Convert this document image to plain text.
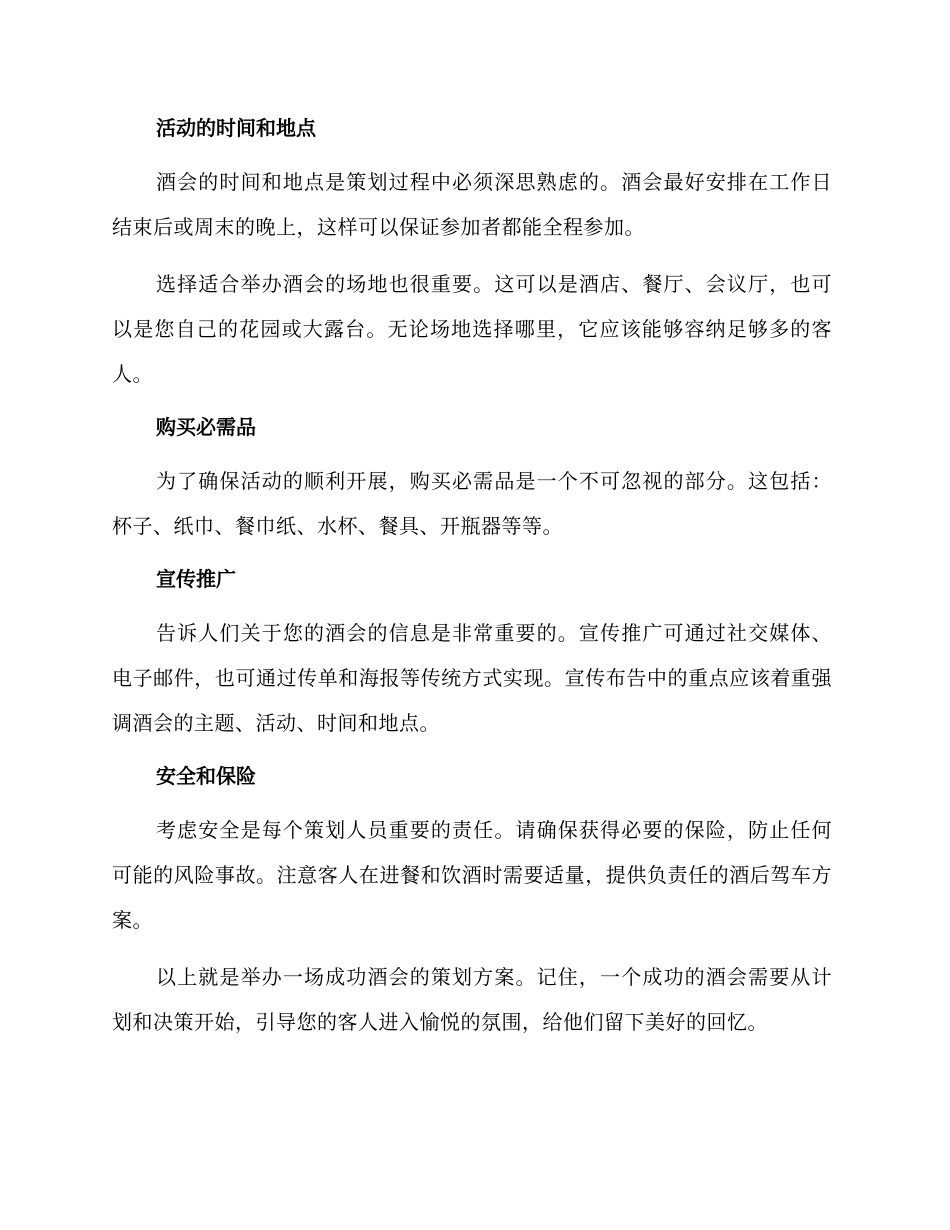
活动的时间和地点

酒会的时间和地点是策划过程中必须深思熟虑的。酒会最好安排在工作日结束后或周末的晚上，这样可以保证参加者都能全程参加。

选择适合举办酒会的场地也很重要。这可以是酒店、餐厅、会议厅，也可以是您自己的花园或大露台。无论场地选择哪里，它应该能够容纳足够多的客人。

购买必需品

为了确保活动的顺利开展，购买必需品是一个不可忽视的部分。这包括：杯子、纸巾、餐巾纸、水杯、餐具、开瓶器等等。

宣传推广

告诉人们关于您的酒会的信息是非常重要的。宣传推广可通过社交媒体、电子邮件，也可通过传单和海报等传统方式实现。宣传布告中的重点应该着重强调酒会的主题、活动、时间和地点。

安全和保险

考虑安全是每个策划人员重要的责任。请确保获得必要的保险，防止任何可能的风险事故。注意客人在进餐和饮酒时需要适量，提供负责任的酒后驾车方案。

以上就是举办一场成功酒会的策划方案。记住，一个成功的酒会需要从计划和决策开始，引导您的客人进入愉悦的氛围，给他们留下美好的回忆。
